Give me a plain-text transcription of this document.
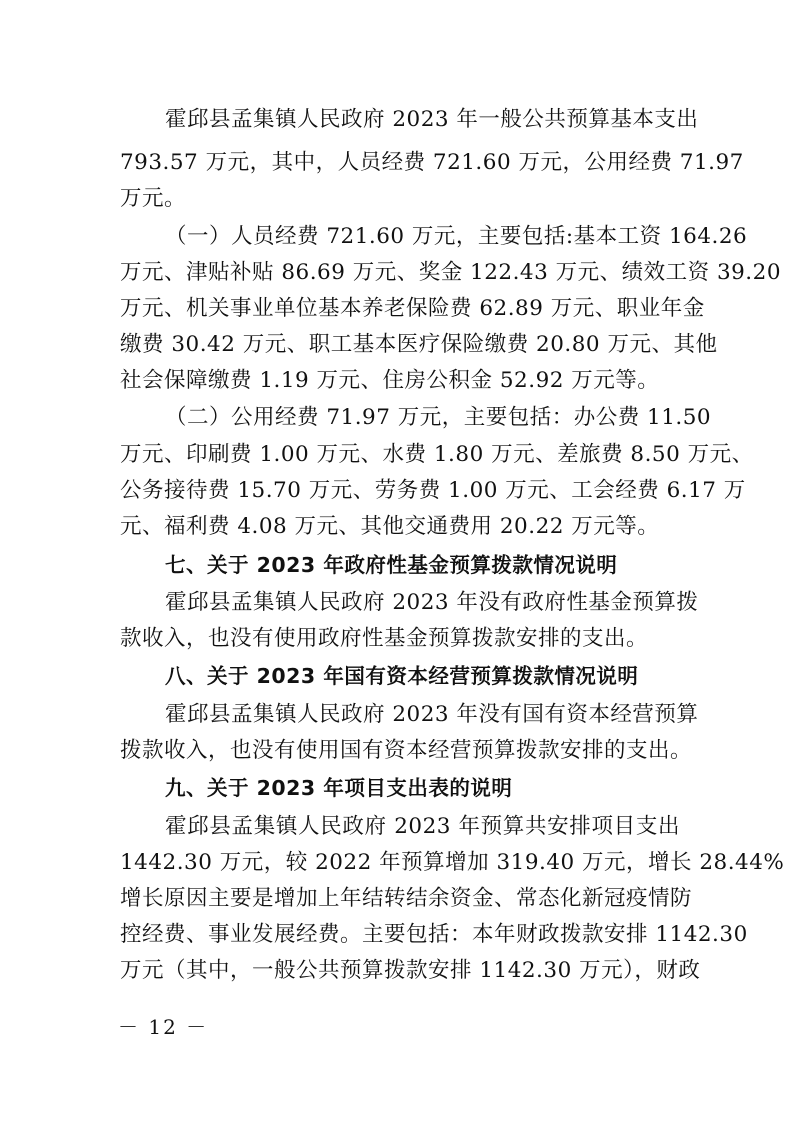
霍邱县孟集镇人民政府 2023 年一般公共预算基本支出
793.57 万元，其中，人员经费 721.60 万元，公用经费 71.97
万元。
（一）人员经费 721.60 万元，主要包括:基本工资 164.26
万元、津贴补贴 86.69 万元、奖金 122.43 万元、绩效工资 39.20
万元、机关事业单位基本养老保险费 62.89 万元、职业年金
缴费 30.42 万元、职工基本医疗保险缴费 20.80 万元、其他
社会保障缴费 1.19 万元、住房公积金 52.92 万元等。
（二）公用经费 71.97 万元，主要包括：办公费 11.50
万元、印刷费 1.00 万元、水费 1.80 万元、差旅费 8.50 万元、
公务接待费 15.70 万元、劳务费 1.00 万元、工会经费 6.17 万
元、福利费 4.08 万元、其他交通费用 20.22 万元等。
七、关于 2023 年政府性基金预算拨款情况说明
霍邱县孟集镇人民政府 2023 年没有政府性基金预算拨
款收入，也没有使用政府性基金预算拨款安排的支出。
八、关于 2023 年国有资本经营预算拨款情况说明
霍邱县孟集镇人民政府 2023 年没有国有资本经营预算
拨款收入，也没有使用国有资本经营预算拨款安排的支出。
九、关于 2023 年项目支出表的说明
霍邱县孟集镇人民政府 2023 年预算共安排项目支出
1442.30 万元，较 2022 年预算增加 319.40 万元，增长 28.44%
增长原因主要是增加上年结转结余资金、常态化新冠疫情防
控经费、事业发展经费。主要包括：本年财政拨款安排 1142.30
万元（其中，一般公共预算拨款安排 1142.30 万元），财政
－ 12 －
